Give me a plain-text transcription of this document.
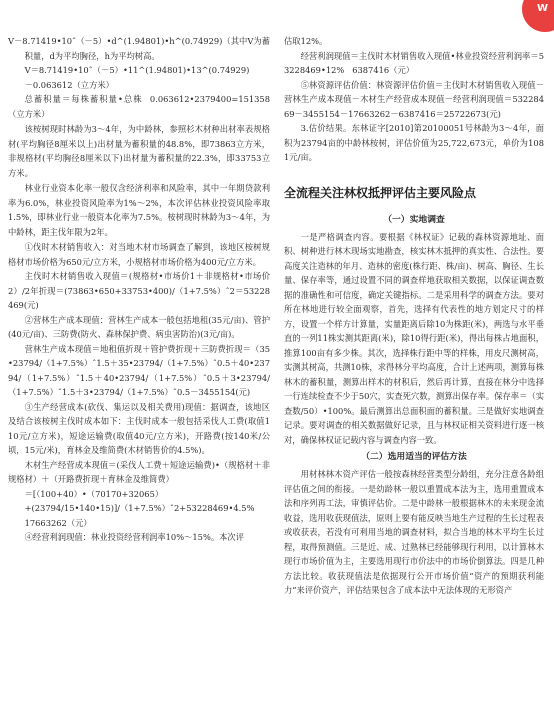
W

V－8.71419•10ˆ（－5）•d^(1.94801)•h^(0.74929)（其中V为蓄积量，d为平均胸径，h为平均树高。

V＝8.71419•10ˆ（－5）•11^(1.94801)•13^(0.74929)

－0.063612（立方米）

总蓄积量＝每株蓄积量•总株  0.063612•2379400=151358（立方米）

该桉树现时林龄为3～4年，为中龄林，参照杉木材种出材率表规格材(平均胸径8厘米以上)出材量为蓄积量的48.8%，即73863立方米，非规格材(平均胸径8厘米以下)出材量为蓄积量的22.3%，即33753立方米。

林业行业资本化率一般仅含经济利率和风险率，其中一年期贷款利率为6.0%，林业投资风险率为1%～2%，本次评估林业投资风险率取1.5%，即林业行业一般资本化率为7.5%。桉树现时林龄为3～4年，为中龄林，距主伐年限为2年。

①伐时木材销售收入：对当地木材市场调查了解到，该地区桉树规格材市场价格为650元/立方米，小规格材市场价格为400元/立方米。

主伐时木材销售收入现值＝(规格材•市场价1＋非规格材•市场价2）/2年折现＝(73863•650+33753•400)/（1+7.5%）ˆ2＝53228469(元)

②营林生产成本现值：营林生产成本一般包括地租(35元/亩)、管护(40元/亩)、三防费(防火、森林保护费、病虫害防治)(3元/亩)。

营林生产成本现值＝地租值折现＋管护费折现＋三防费折现＝（35•23794/（1+7.5%）ˆ1.5＋35•23794/（1+7.5%）ˆ0.5＋40•23794/（1+7.5%）ˆ1.5＋40•23794/（1+7.5%）ˆ0.5＋3•23794/（1+7.5%）ˆ1.5＋3•23794/（1+7.5%）ˆ0.5－3455154(元)

③生产经营成本(砍伐、集运以及相关费用)现值：据调查，该地区及结合该桉树主伐时成本如下：主伐时成本一般包括采伐人工费(取值110元/立方米)，短途运输费(取值40元/立方米)，开路费(按140米/公顷，15元/米)，育林金及维简费(木材销售价的4.5%)。

木材生产经营成本现值＝(采伐人工费＋短途运输费)•（规格材＋非规格材）＋（开路费折现＋育林金及维简费）

＝[（100+40）•（70170+32065）

+(23794/15•140•15)]/（1+7.5%）ˆ2+53228469•4.5%

17663262（元）

④经营利润现值：林业投资经营利润率10%～15%。本次评

估取12%。

经营利润现值＝主伐时木材销售收入现值•林业投资经营利润率＝53228469•12%   6387416（元）

⑤林资源评估价值：林资源评估价值＝主伐时木材销售收入现值－营林生产成本现值－木材生产经营成本现值－经营利润现值＝53228469－3455154－17663262－6387416＝25722673(元)

3.估价结果。东林证字[2010]第20100051号林龄为3～4年，面积为23794亩的中龄林桉树，评估价值为25,722,673元，单价为1081元/亩。

全流程关注林权抵押评估主要风险点
（一）实地调查

一是严格调查内容。要根据《林权证》记载的森林资源地址、面积、树种进行林木现场实地勘查，核实林木抵押的真实性、合法性。要高度关注造林的年月、造林的密度(株行距、株/亩)、树高、胸径、生长量、保存率等，通过设置不同的调查样地获取相关数据，以保证调查数据的准确性和可信度，确定关键指标。二是采用科学的调查方法。要对所在林地进行较全面观察，首先，选择有代表性的地方划定尺寸的样方，设置一个样方计算量，实量距离后除10为株距(米)，两选与水平垂直的一列11株实测其距离(米)，除10得行距(米)，得出每株占地面积，推算100亩有多少株。其次，选择株行距中等的样株，用皮尺测树高，实测其树高，共测10株，求得林分平均高度，合计上述两项，测算每株林木的蓄积量，测算出样木的材积后，然后再计算，直接在林分中选择一行连续检查不少于50穴，实查死穴数，测算出保存率。保存率＝（实查数/50）•100%。最后测算出总面积面的蓄积量。三是做好实地调查记录。要对调查的相关数据做好记录，且与林权证相关资料进行逐一核对，确保林权证记载内容与调查内容一致。

（二）选用适当的评估方法

用材林林木资产评估一般按森林经营类型分龄组，充分注意各龄组评估值之间的衔接。一是幼龄林一般以重置成本法为主，选用重置成本法和序列再工法，审慎评估价。二是中龄林一般根据林木的未来现金流收益，选用收获现值法，原则上要有能反映当地生产过程的生长过程表或收获表，若没有可利用当地的调查材料，拟合当地的林木平均生长过程，取得预测值。三是近、成、过熟林已经能够现行利用，以计算林木现行市场价值为主，主要选用现行市价法中的市场价倒算法。四是几种方法比较。收获现值法是依据现行公开市场价值“资产的预期获利能力”来评价资产，评估结果包含了成本法中无法体现的无形资产
